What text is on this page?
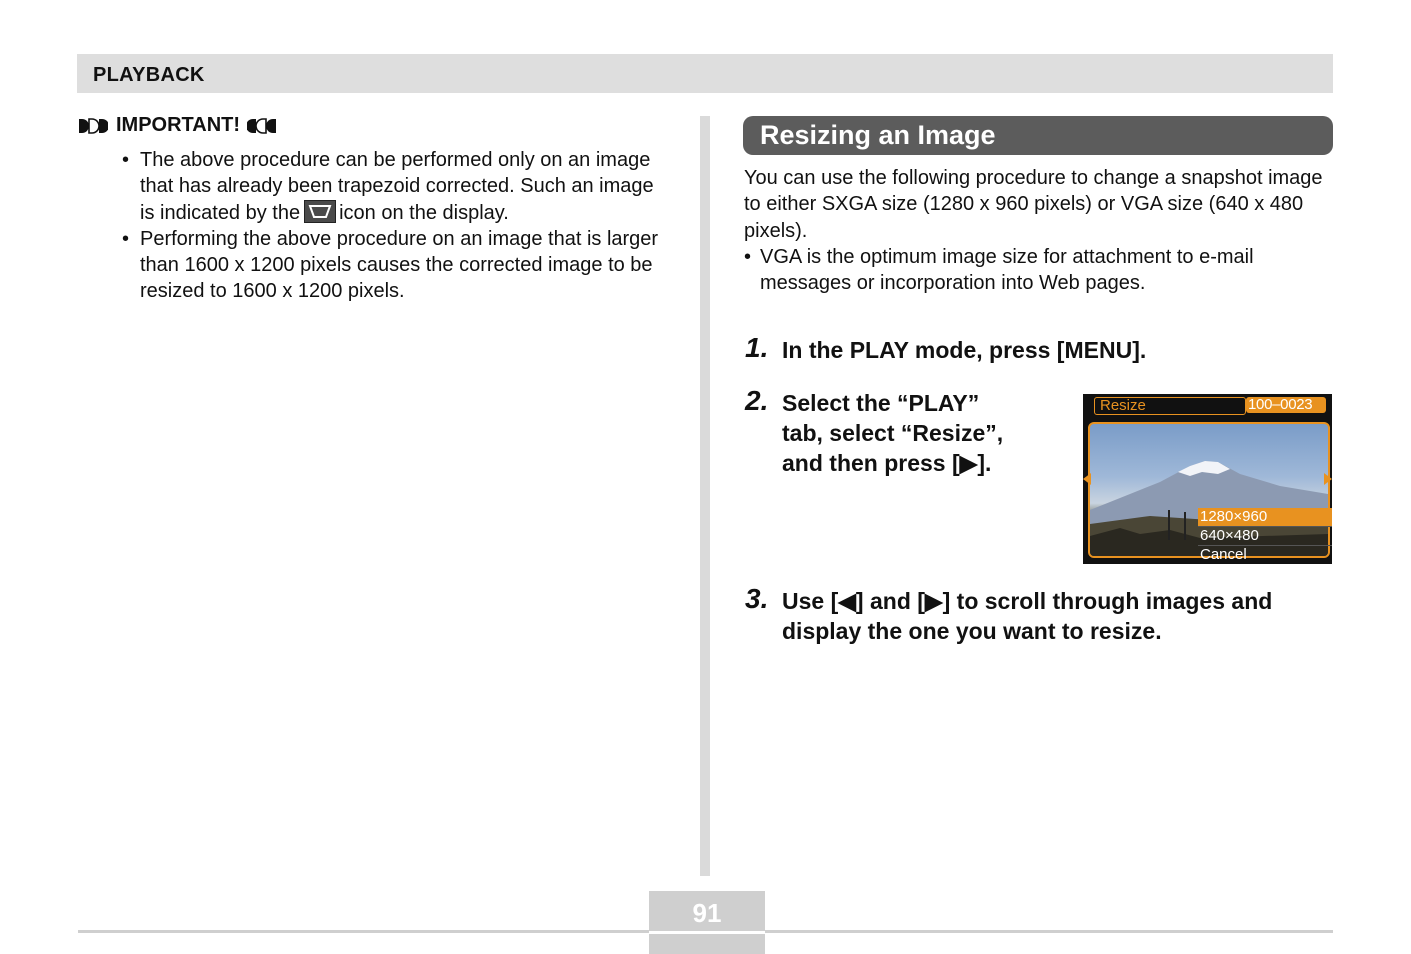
PLAYBACK
IMPORTANT!
• The above procedure can be performed only on an image that has already been trapezoid corrected. Such an image is indicated by the icon on the display.
• Performing the above procedure on an image that is larger than 1600 x 1200 pixels causes the corrected image to be resized to 1600 x 1200 pixels.
Resizing an Image
You can use the following procedure to change a snapshot image to either SXGA size (1280 x 960 pixels) or VGA size (640 x 480 pixels).
• VGA is the optimum image size for attachment to e-mail messages or incorporation into Web pages.
1. In the PLAY mode, press [MENU].
2. Select the “PLAY”
tab, select “Resize”,
and then press [▶].
Resize	100–0023
1280×960
640×480
Cancel
3. Use [◀] and [▶] to scroll through images and
display the one you want to resize.
91
